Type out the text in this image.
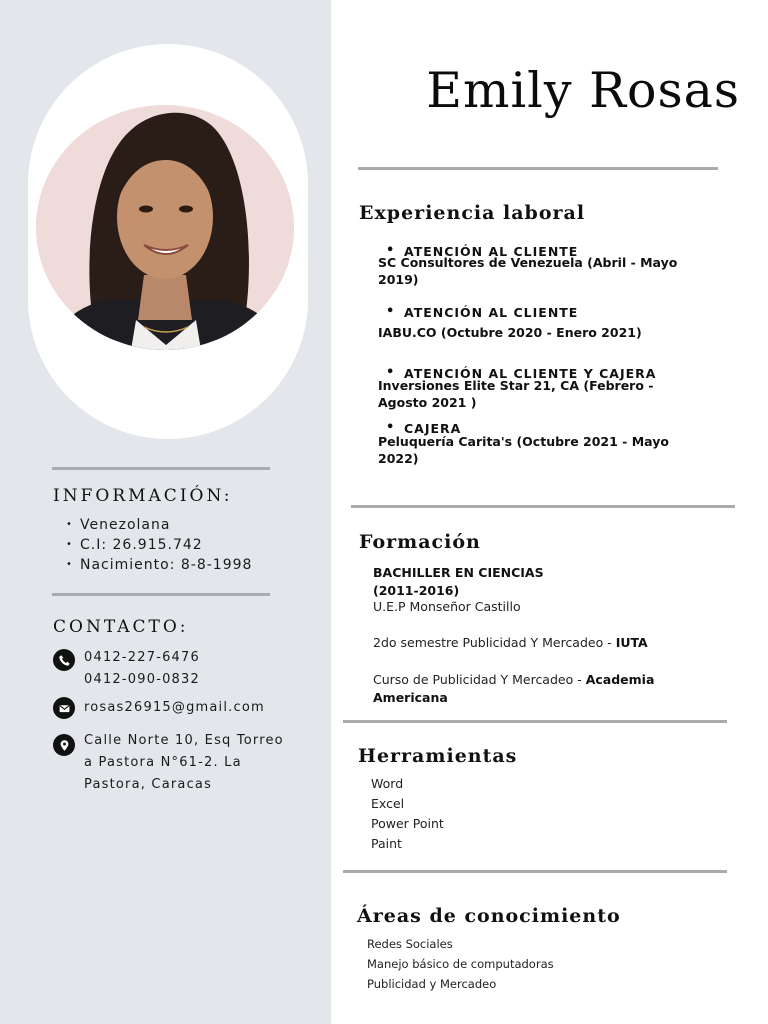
INFORMACIÓN:
• Venezolana
• C.I: 26.915.742
• Nacimiento: 8-8-1998
CONTACTO:
0412-227-6476
0412-090-0832
rosas26915@gmail.com
Calle Norte 10, Esq Torreo
a Pastora N°61-2. La
Pastora, Caracas
Emily Rosas
Experiencia laboral
• ATENCIÓN AL CLIENTE
SC Consultores de Venezuela (Abril - Mayo
2019)
• ATENCIÓN AL CLIENTE
IABU.CO (Octubre 2020 - Enero 2021)
• ATENCIÓN AL CLIENTE Y CAJERA
Inversiones Elite Star 21, CA (Febrero -
Agosto 2021 )
• CAJERA
Peluquería Carita's (Octubre 2021 - Mayo
2022)
Formación
BACHILLER EN CIENCIAS
(2011-2016)
U.E.P Monseñor Castillo
2do semestre Publicidad Y Mercadeo - IUTA
Curso de Publicidad Y Mercadeo - Academia
Americana
Herramientas
Word
Excel
Power Point
Paint
Áreas de conocimiento
Redes Sociales
Manejo básico de computadoras
Publicidad y Mercadeo
